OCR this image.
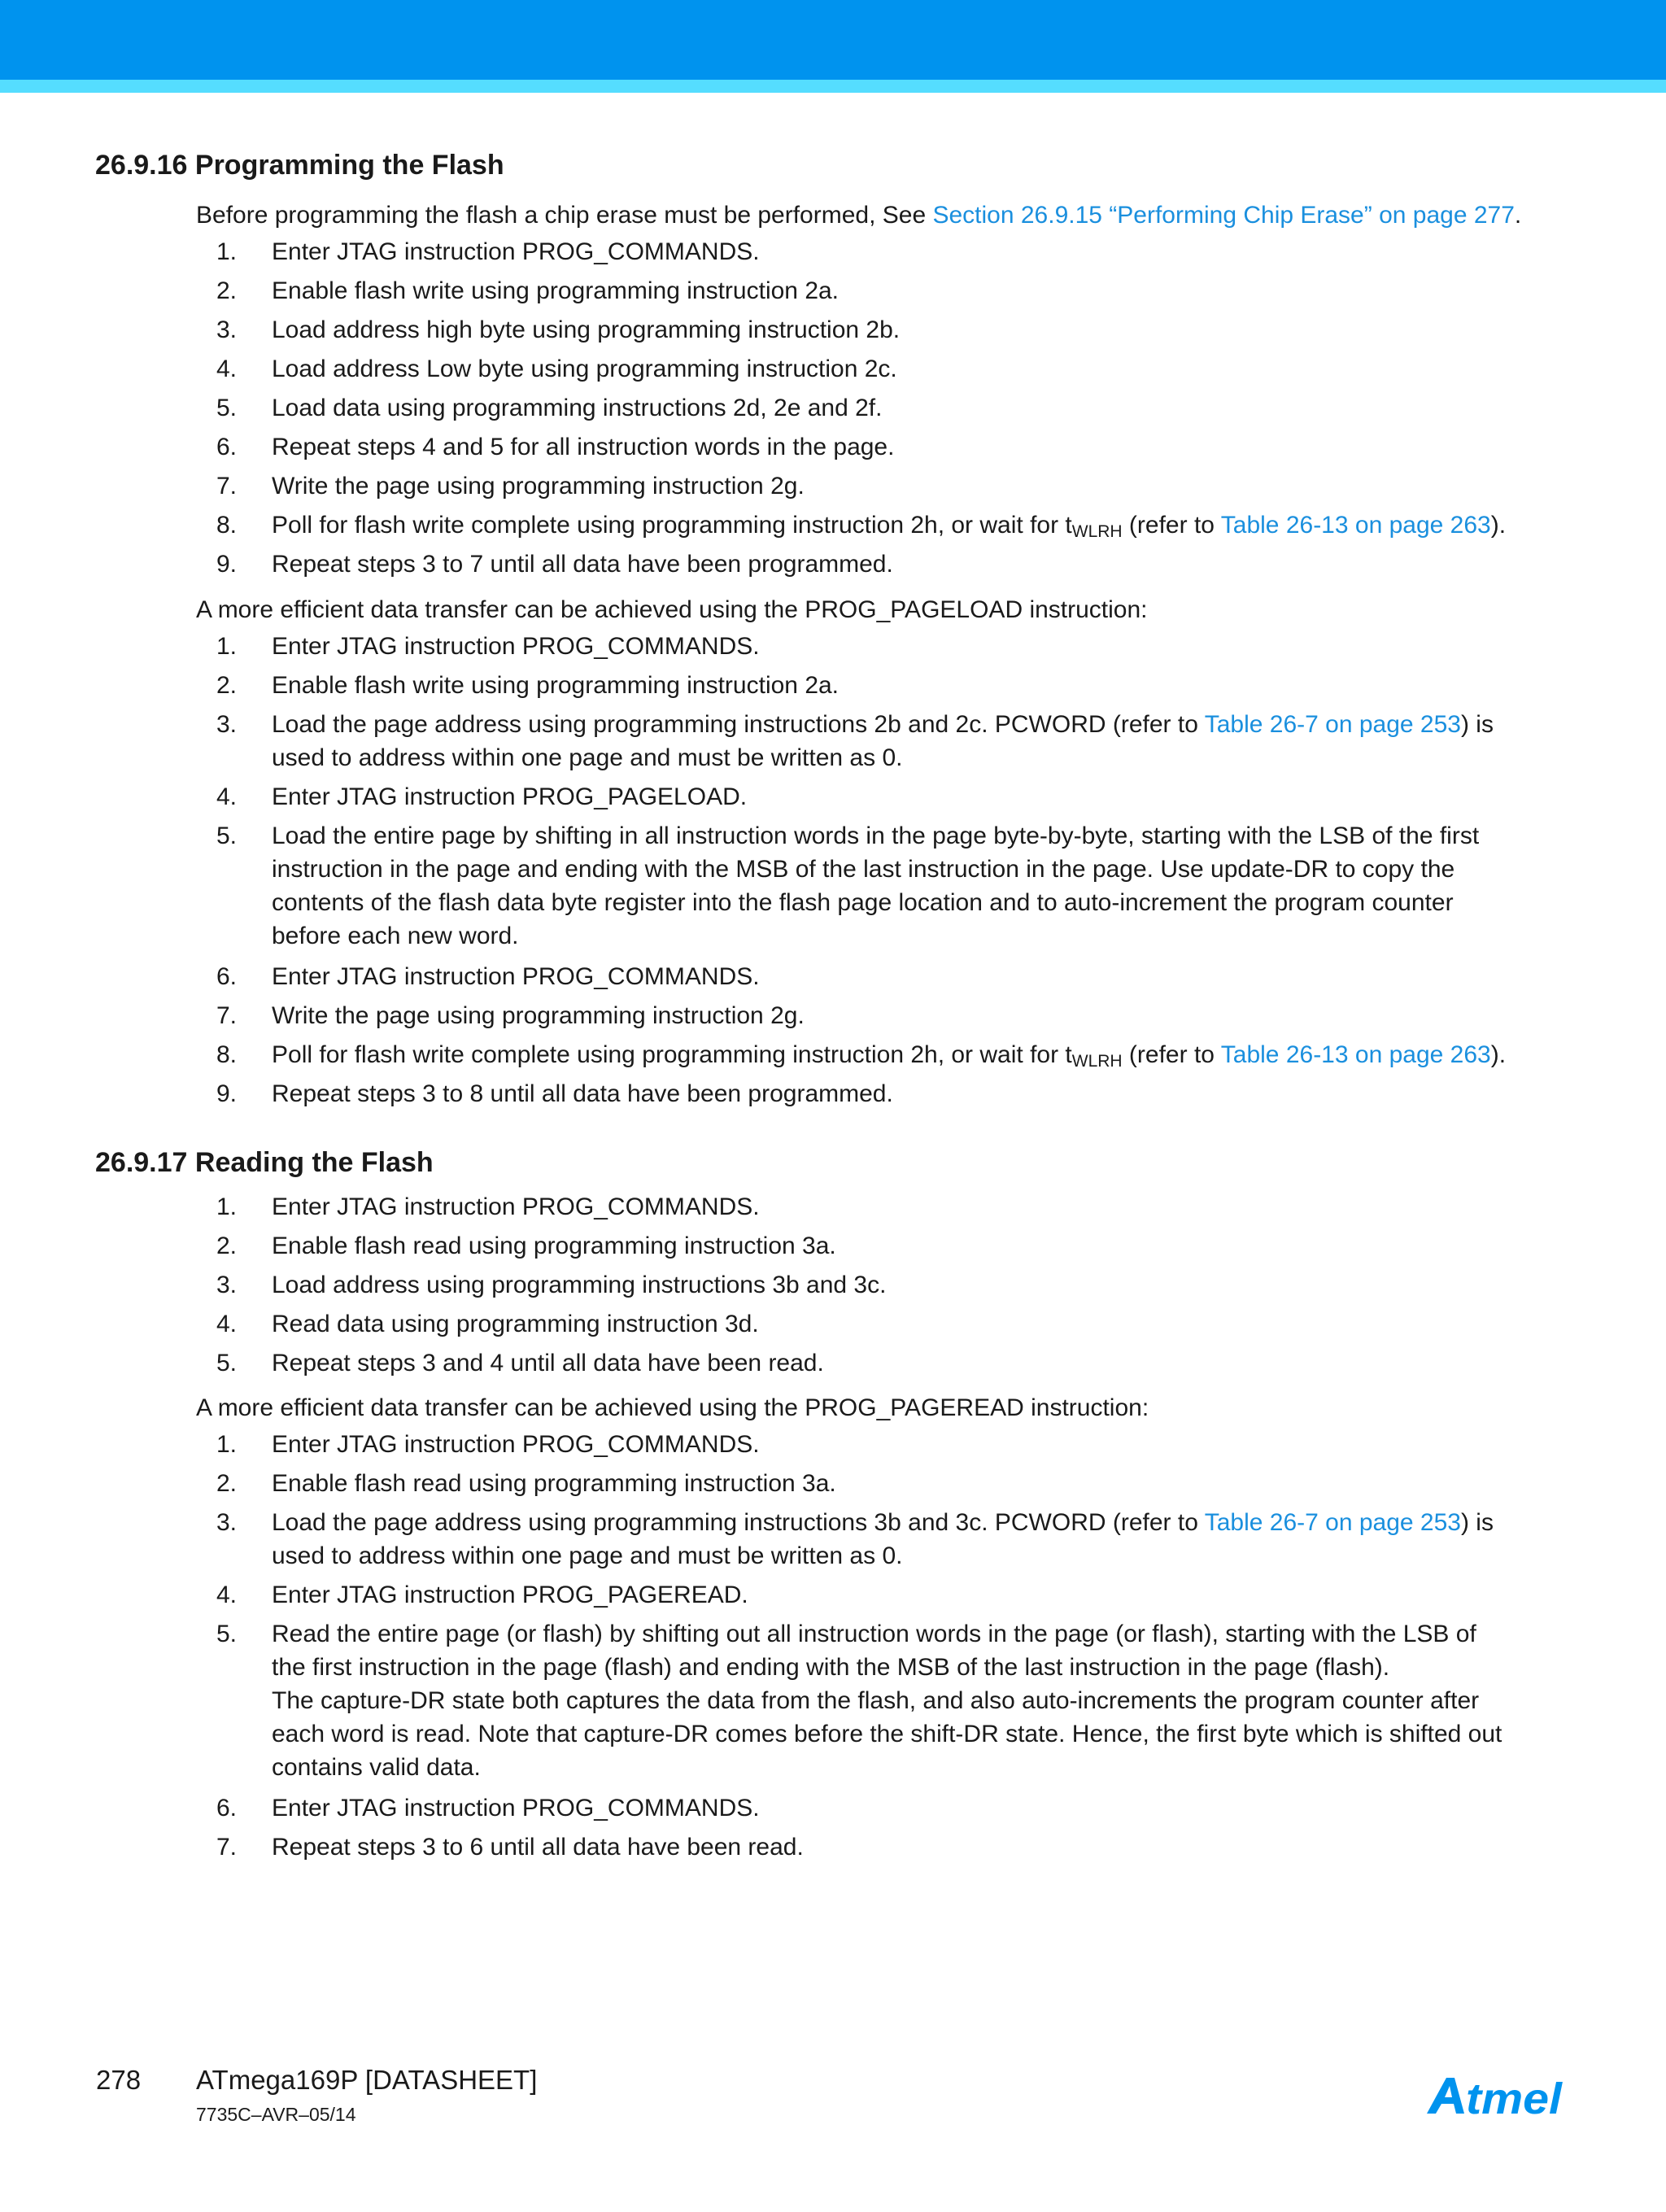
26.9.16 Programming the Flash

Before programming the flash a chip erase must be performed, See Section 26.9.15 “Performing Chip Erase” on page 277.

1. Enter JTAG instruction PROG_COMMANDS.
2. Enable flash write using programming instruction 2a.
3. Load address high byte using programming instruction 2b.
4. Load address Low byte using programming instruction 2c.
5. Load data using programming instructions 2d, 2e and 2f.
6. Repeat steps 4 and 5 for all instruction words in the page.
7. Write the page using programming instruction 2g.
8. Poll for flash write complete using programming instruction 2h, or wait for $t_{WLRH}$ (refer to Table 26-13 on page 263).
9. Repeat steps 3 to 7 until all data have been programmed.

A more efficient data transfer can be achieved using the PROG_PAGELOAD instruction:

1. Enter JTAG instruction PROG_COMMANDS.
2. Enable flash write using programming instruction 2a.
3. Load the page address using programming instructions 2b and 2c. PCWORD (refer to Table 26-7 on page 253) is
used to address within one page and must be written as 0.
4. Enter JTAG instruction PROG_PAGELOAD.
5. Load the entire page by shifting in all instruction words in the page byte-by-byte, starting with the LSB of the first
instruction in the page and ending with the MSB of the last instruction in the page. Use update-DR to copy the
contents of the flash data byte register into the flash page location and to auto-increment the program counter
before each new word.
6. Enter JTAG instruction PROG_COMMANDS.
7. Write the page using programming instruction 2g.
8. Poll for flash write complete using programming instruction 2h, or wait for $t_{WLRH}$ (refer to Table 26-13 on page 263).
9. Repeat steps 3 to 8 until all data have been programmed.
26.9.17 Reading the Flash
1. Enter JTAG instruction PROG_COMMANDS.
2. Enable flash read using programming instruction 3a.
3. Load address using programming instructions 3b and 3c.
4. Read data using programming instruction 3d.
5. Repeat steps 3 and 4 until all data have been read.

A more efficient data transfer can be achieved using the PROG_PAGEREAD instruction:

1. Enter JTAG instruction PROG_COMMANDS.
2. Enable flash read using programming instruction 3a.
3. Load the page address using programming instructions 3b and 3c. PCWORD (refer to Table 26-7 on page 253) is
used to address within one page and must be written as 0.
4. Enter JTAG instruction PROG_PAGEREAD.
5. Read the entire page (or flash) by shifting out all instruction words in the page (or flash), starting with the LSB of
the first instruction in the page (flash) and ending with the MSB of the last instruction in the page (flash).
The capture-DR state both captures the data from the flash, and also auto-increments the program counter after
each word is read. Note that capture-DR comes before the shift-DR state. Hence, the first byte which is shifted out
contains valid data.
6. Enter JTAG instruction PROG_COMMANDS.
7. Repeat steps 3 to 6 until all data have been read.
278 ATmega169P [DATASHEET]
7735C–AVR–05/14	tmel
